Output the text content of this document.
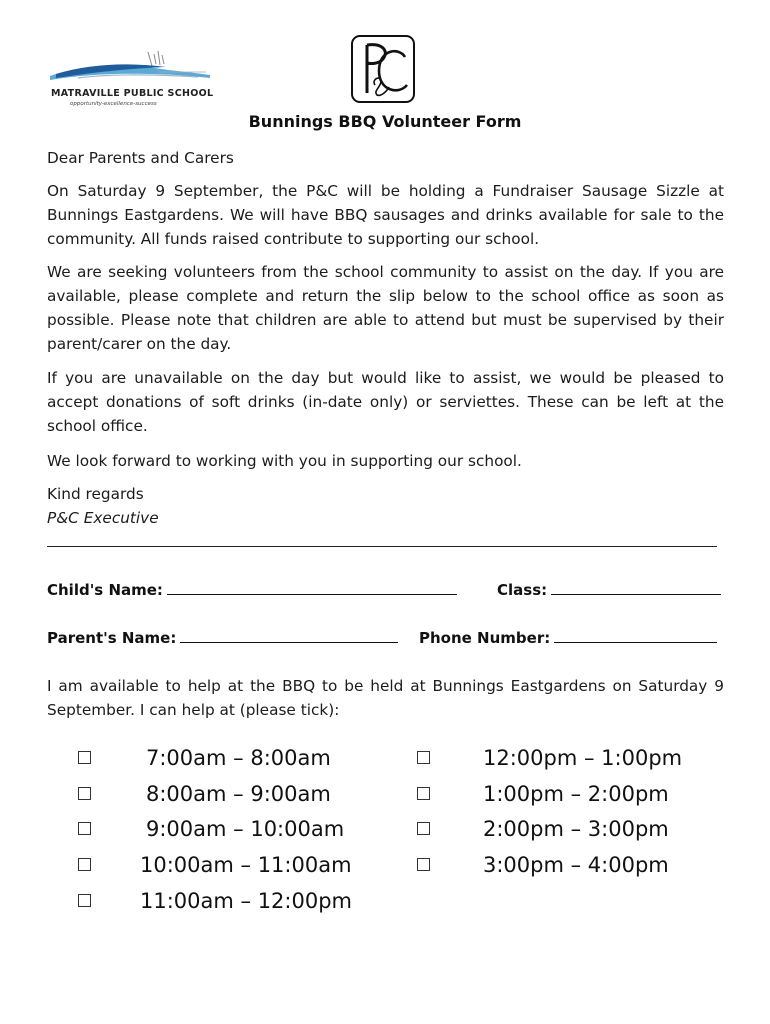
MATRAVILLE PUBLIC SCHOOL
opportunity-excellence-success
Bunnings BBQ Volunteer Form

Dear Parents and Carers

On Saturday 9 September, the P&C will be holding a Fundraiser Sausage Sizzle at Bunnings Eastgardens. We will have BBQ sausages and drinks available for sale to the community. All funds raised contribute to supporting our school.

We are seeking volunteers from the school community to assist on the day. If you are available, please complete and return the slip below to the school office as soon as possible. Please note that children are able to attend but must be supervised by their parent/carer on the day.

If you are unavailable on the day but would like to assist, we would be pleased to accept donations of soft drinks (in-date only) or serviettes. These can be left at the school office.

We look forward to working with you in supporting our school.

Kind regards

P&C Executive

Child's Name:	Class:
Parent's Name:	Phone Number:

I am available to help at the BBQ to be held at Bunnings Eastgardens on Saturday 9 September. I can help at (please tick):

7:00am – 8:00am
8:00am – 9:00am
9:00am – 10:00am
10:00am – 11:00am
11:00am – 12:00pm
12:00pm – 1:00pm
1:00pm – 2:00pm
2:00pm – 3:00pm
3:00pm – 4:00pm
